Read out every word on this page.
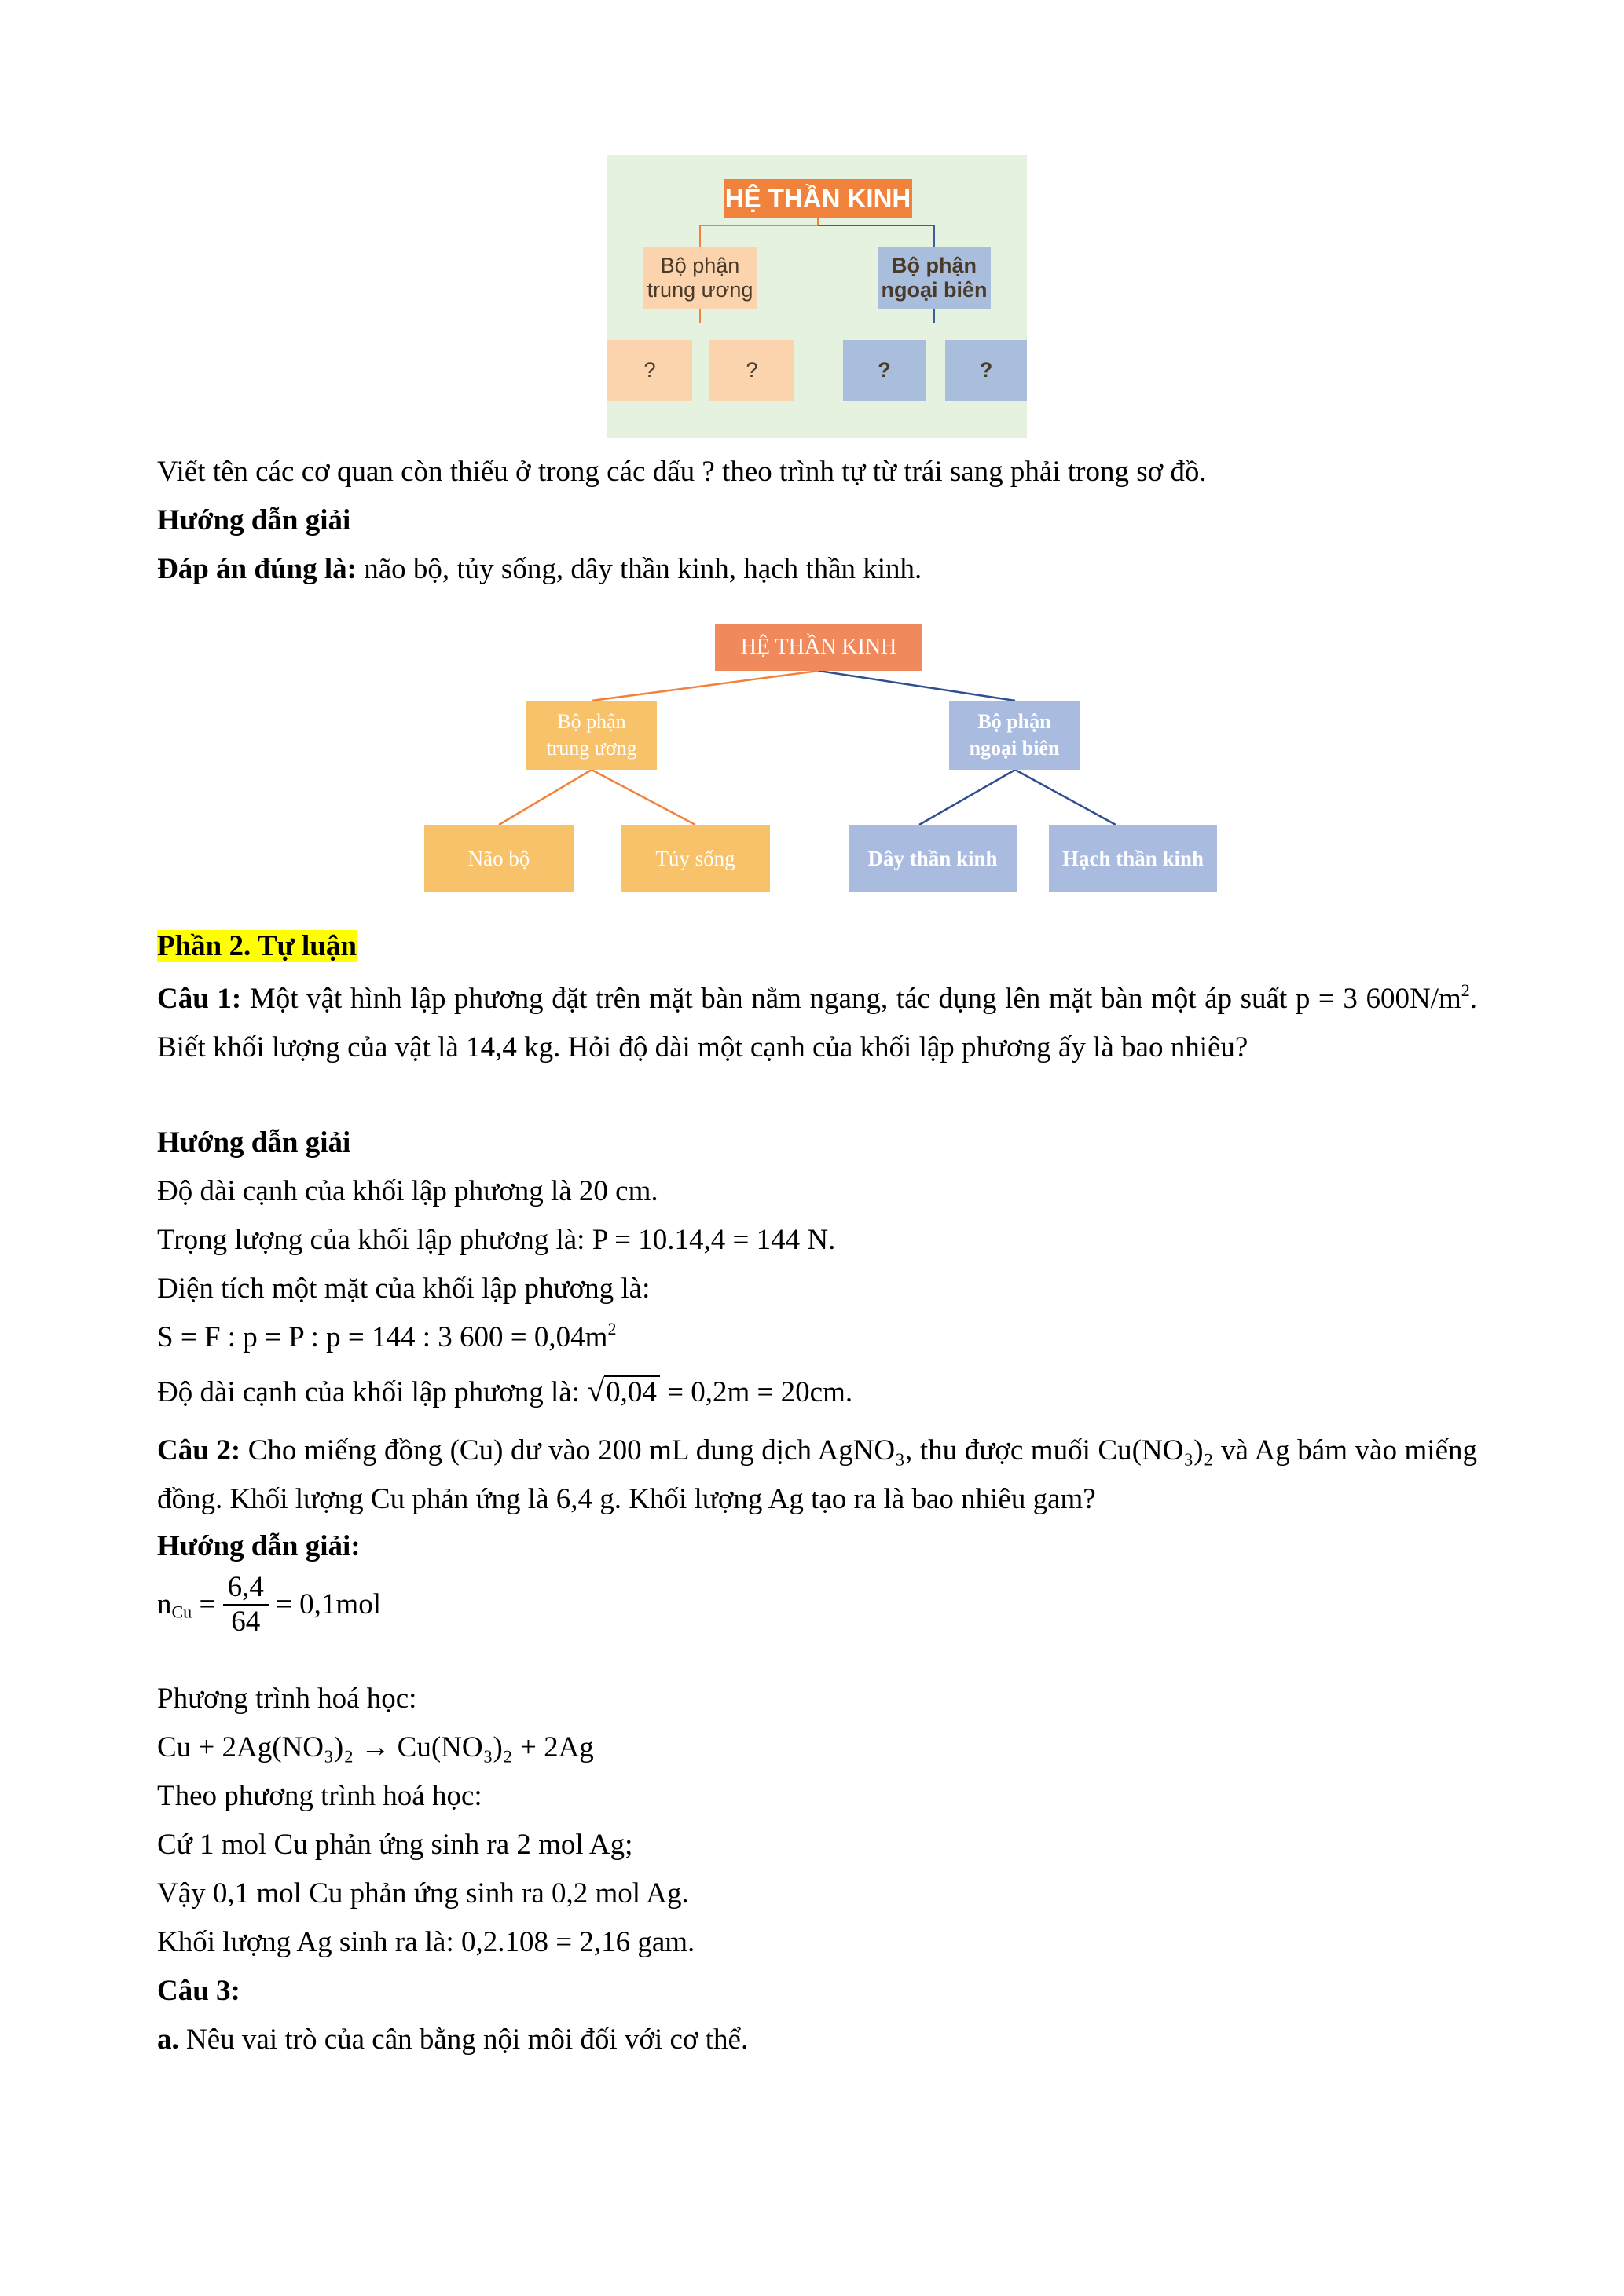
HỆ THẦN KINH
Bộ phận
trung ương
Bộ phận
ngoại biên
?	?	?	?
Viết tên các cơ quan còn thiếu ở trong các dấu ? theo trình tự từ trái sang phải trong sơ đồ.
Hướng dẫn giải
Đáp án đúng là: não bộ, tủy sống, dây thần kinh, hạch thần kinh.
HỆ THẦN KINH
Bộ phận
trung ương
Bộ phận
ngoại biên
Não bộ	Tủy sống	Dây thần kinh	Hạch thần kinh
Phần 2. Tự luận
Câu 1: Một vật hình lập phương đặt trên mặt bàn nằm ngang, tác dụng lên mặt bàn một áp suất p = 3 $600N/m^2$. Biết khối lượng của vật là 14,4 kg. Hỏi độ dài một cạnh của khối lập phương ấy là bao nhiêu?
Hướng dẫn giải
Độ dài cạnh của khối lập phương là 20 cm.
Trọng lượng của khối lập phương là: P = 10.14,4 = 144 N.
Diện tích một mặt của khối lập phương là:
S = F : p = P : p = 144 : 3 $600 = 0,04m^2$
Độ dài cạnh của khối lập phương là: √0,04 = 0,2m = 20cm.
Câu 2: Cho miếng đồng (Cu) dư vào 200 mL dung dịch AgNO₃, thu được muối Cu(NO₃)₂ và Ag bám vào miếng đồng. Khối lượng Cu phản ứng là 6,4 g. Khối lượng Ag tạo ra là bao nhiêu gam?
Hướng dẫn giải:
$n_{Cu} = \frac{6,4}{64} = 0,1mol$
Phương trình hoá học:
Cu + 2Ag(NO₃)₂ → Cu(NO₃)₂ + 2Ag
Theo phương trình hoá học:
Cứ 1 mol Cu phản ứng sinh ra 2 mol Ag;
Vậy 0,1 mol Cu phản ứng sinh ra 0,2 mol Ag.
Khối lượng Ag sinh ra là: 0,2.108 = 2,16 gam.
Câu 3:
a. Nêu vai trò của cân bằng nội môi đối với cơ thể.
